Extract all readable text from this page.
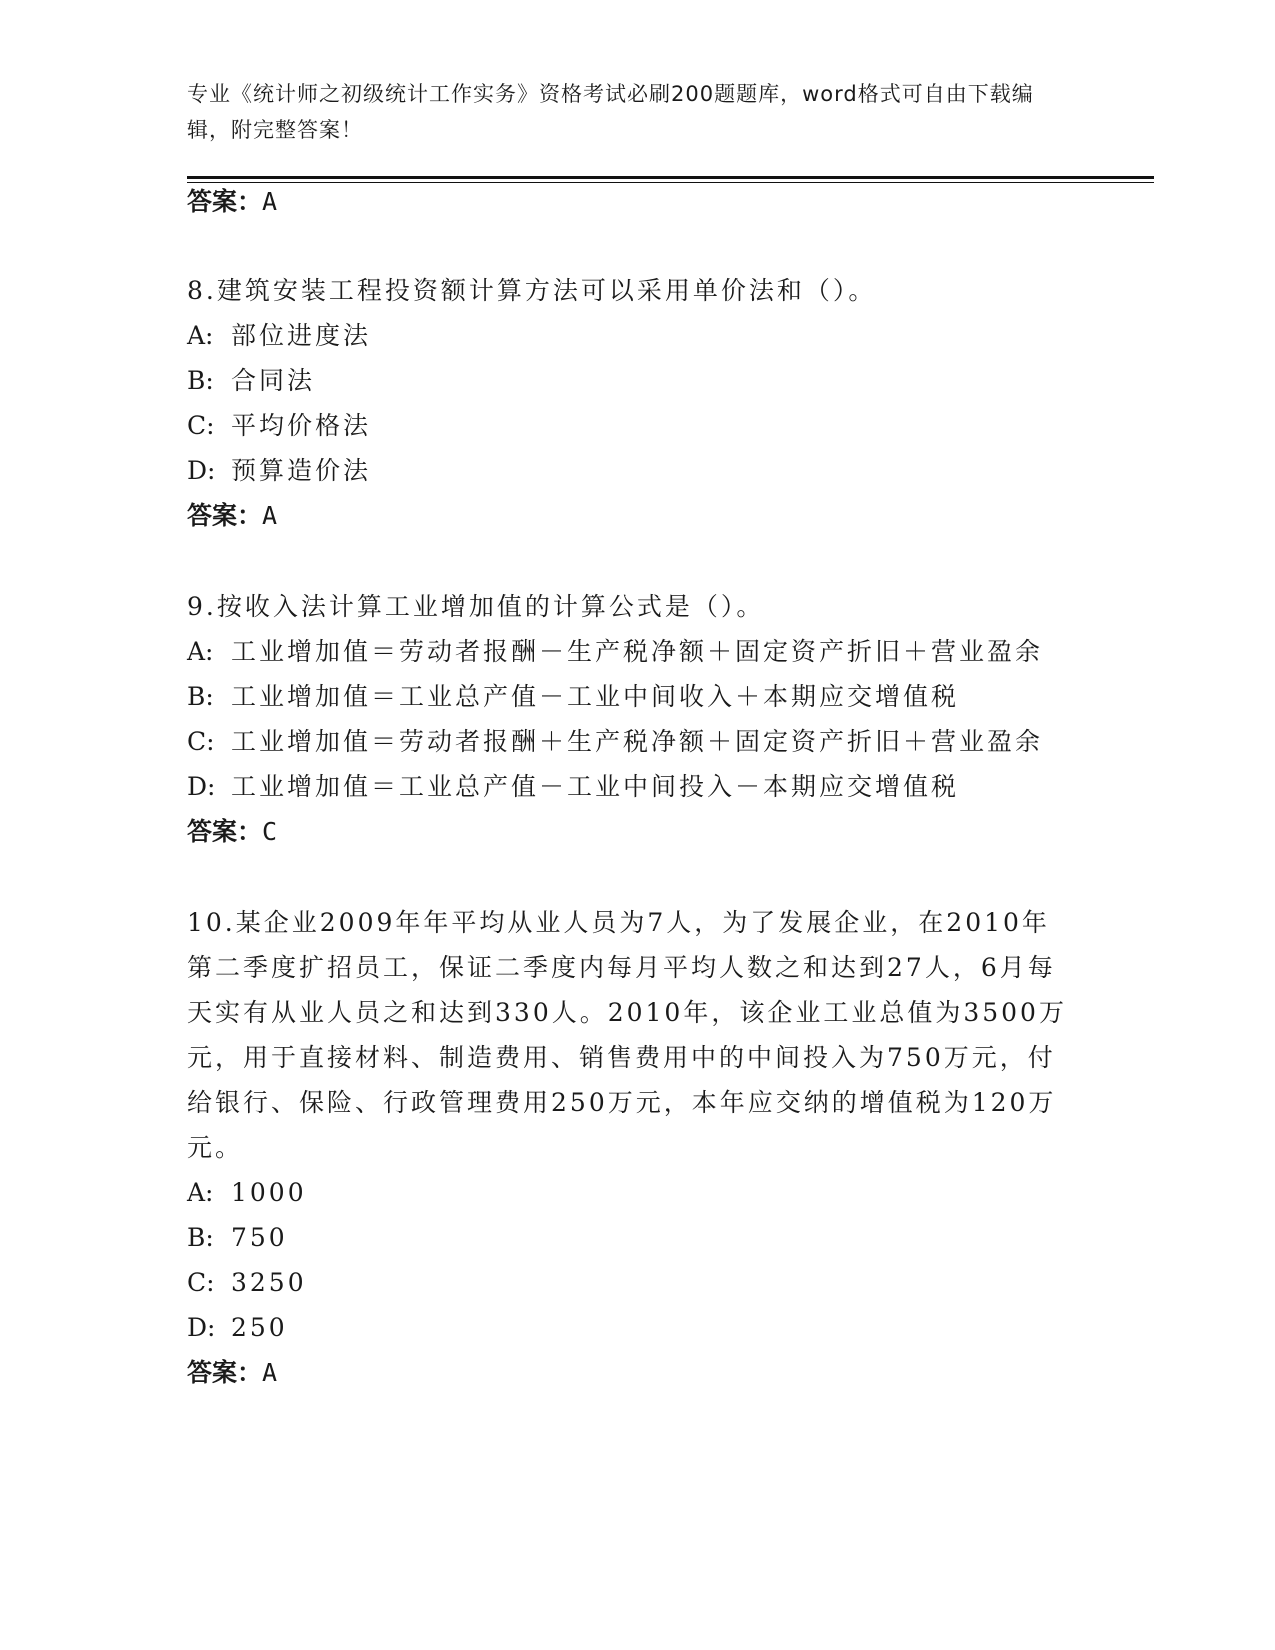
专业《统计师之初级统计工作实务》资格考试必刷200题题库，word格式可自由下载编辑，附完整答案！
答案：A
8.建筑安装工程投资额计算方法可以采用单价法和（）。
A: 部位进度法
B: 合同法
C: 平均价格法
D: 预算造价法
答案：A
9.按收入法计算工业增加值的计算公式是（）。
A: 工业增加值＝劳动者报酬－生产税净额＋固定资产折旧＋营业盈余
B: 工业增加值＝工业总产值－工业中间收入＋本期应交增值税
C: 工业增加值＝劳动者报酬＋生产税净额＋固定资产折旧＋营业盈余
D: 工业增加值＝工业总产值－工业中间投入－本期应交增值税
答案：C
10.某企业2009年年平均从业人员为7人，为了发展企业，在2010年第二季度扩招员工，保证二季度内每月平均人数之和达到27人，6月每天实有从业人员之和达到330人。2010年，该企业工业总值为3500万元，用于直接材料、制造费用、销售费用中的中间投入为750万元，付给银行、保险、行政管理费用250万元，本年应交纳的增值税为120万元。
A: 1000
B: 750
C: 3250
D: 250
答案：A
